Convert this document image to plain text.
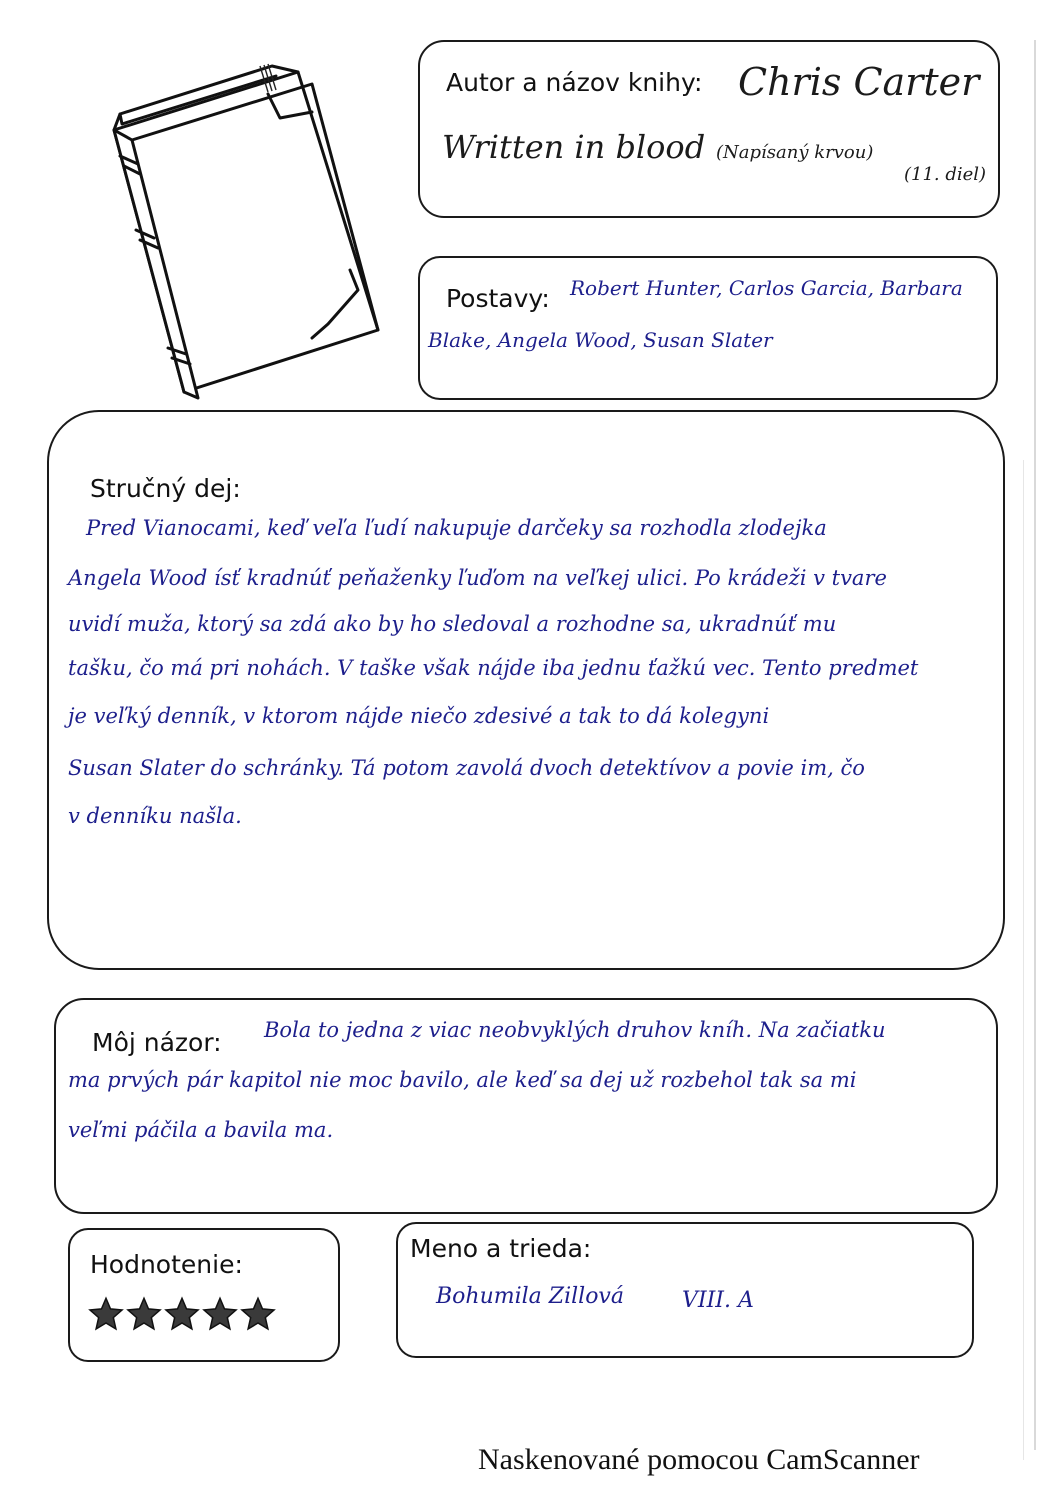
Autor a názov knihy: Chris Carter
Written in blood (Napísaný krvou)
(11. diel)
Postavy: Robert Hunter, Carlos Garcia, Barbara
Blake, Angela Wood, Susan Slater
Stručný dej:
Pred Vianocami, keď veľa ľudí nakupuje darčeky sa rozhodla zlodejka
Angela Wood ísť kradnúť peňaženky ľuďom na veľkej ulici. Po krádeži v tvare
uvidí muža, ktorý sa zdá ako by ho sledoval a rozhodne sa, ukradnúť mu
tašku, čo má pri nohách. V taške však nájde iba jednu ťažkú vec. Tento predmet
je veľký denník, v ktorom nájde niečo zdesivé a tak to dá kolegyni
Susan Slater do schránky. Tá potom zavolá dvoch detektívov a povie im, čo
v denníku našla.
Môj názor: Bola to jedna z viac neobvyklých druhov kníh. Na začiatku
ma prvých pár kapitol nie moc bavilo, ale keď sa dej už rozbehol tak sa mi
veľmi páčila a bavila ma.
Hodnotenie:
Meno a trieda:
Bohumila Zillová	VIII. A
Naskenované pomocou CamScanner
